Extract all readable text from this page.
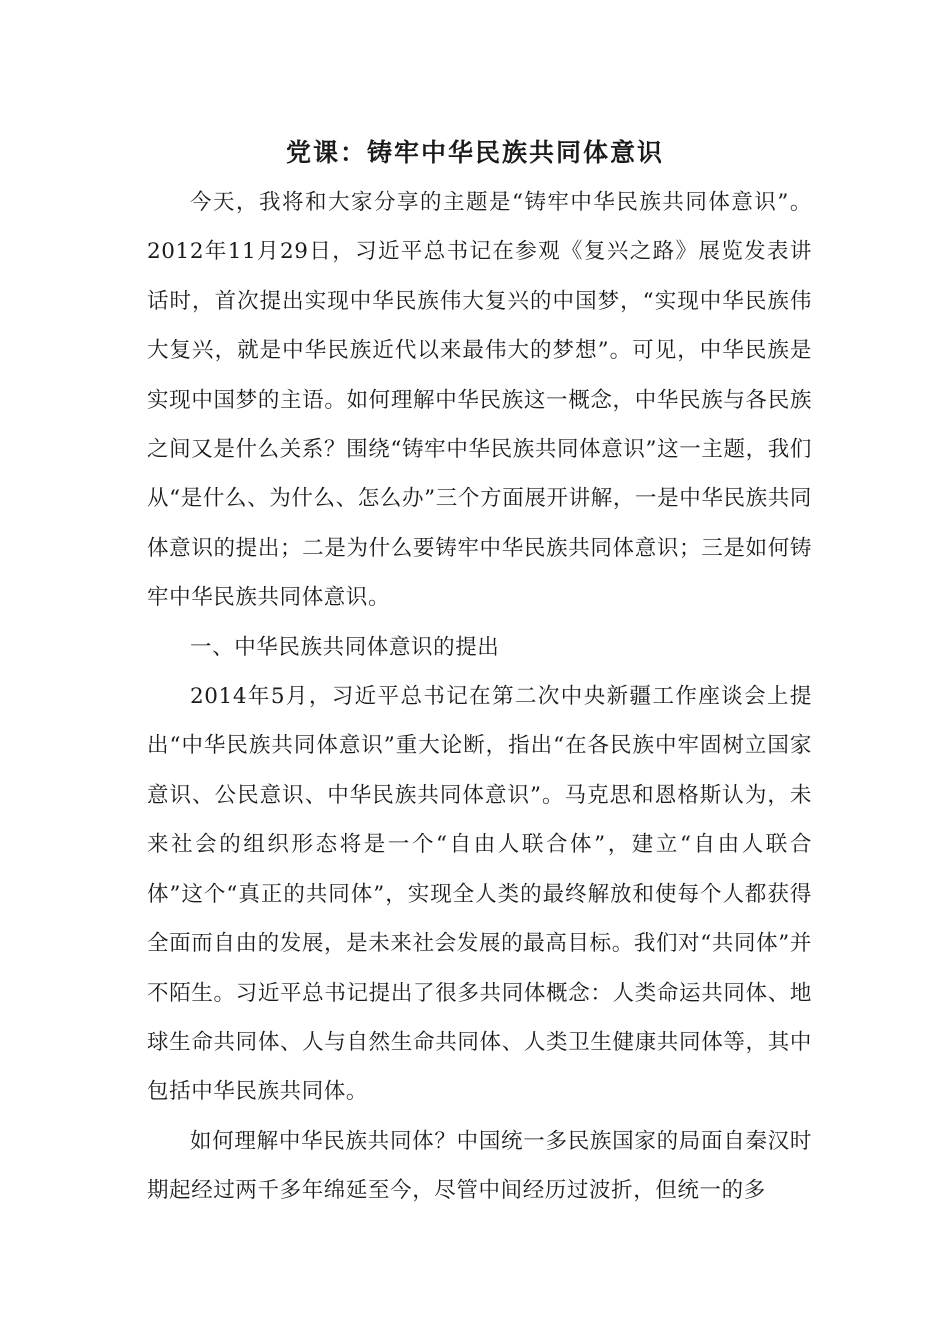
党课：铸牢中华民族共同体意识

今天，我将和大家分享的主题是“铸牢中华民族共同体意识”。2012年11月29日，习近平总书记在参观《复兴之路》展览发表讲话时，首次提出实现中华民族伟大复兴的中国梦，“实现中华民族伟大复兴，就是中华民族近代以来最伟大的梦想”。可见，中华民族是实现中国梦的主语。如何理解中华民族这一概念，中华民族与各民族之间又是什么关系？围绕“铸牢中华民族共同体意识”这一主题，我们从“是什么、为什么、怎么办”三个方面展开讲解，一是中华民族共同体意识的提出；二是为什么要铸牢中华民族共同体意识；三是如何铸牢中华民族共同体意识。

一、中华民族共同体意识的提出

2014年5月，习近平总书记在第二次中央新疆工作座谈会上提出“中华民族共同体意识”重大论断，指出“在各民族中牢固树立国家意识、公民意识、中华民族共同体意识”。马克思和恩格斯认为，未来社会的组织形态将是一个“自由人联合体”，建立“自由人联合体”这个“真正的共同体”，实现全人类的最终解放和使每个人都获得全面而自由的发展，是未来社会发展的最高目标。我们对“共同体”并不陌生。习近平总书记提出了很多共同体概念：人类命运共同体、地球生命共同体、人与自然生命共同体、人类卫生健康共同体等，其中包括中华民族共同体。

如何理解中华民族共同体？中国统一多民族国家的局面自秦汉时期起经过两千多年绵延至今，尽管中间经历过波折，但统一的多
